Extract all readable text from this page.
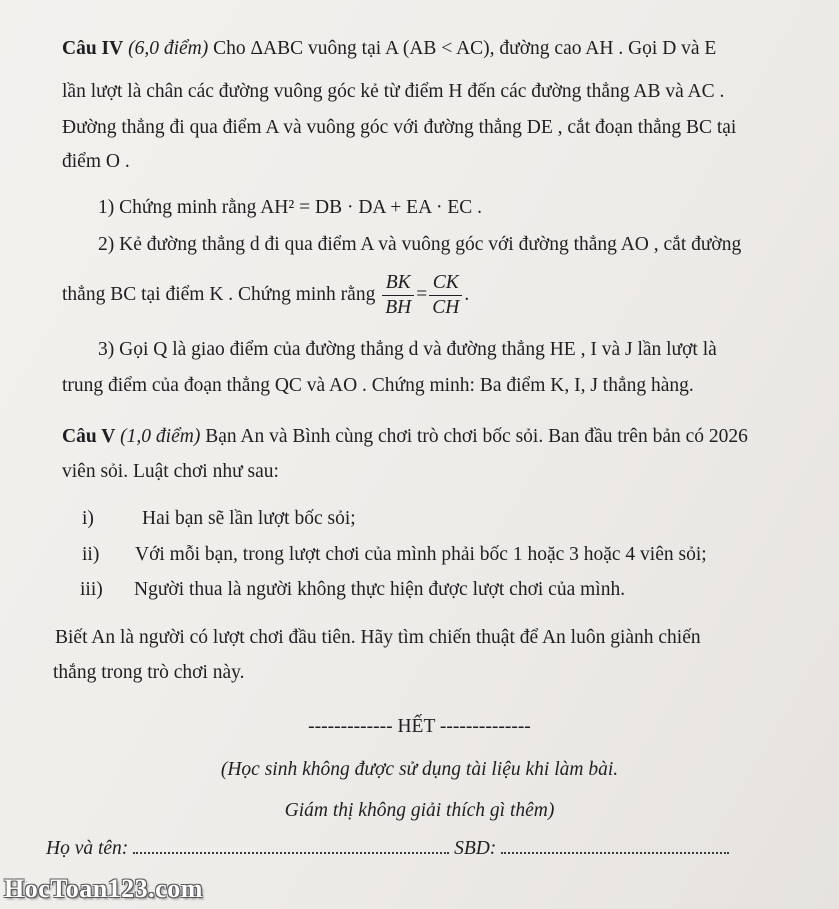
Câu IV (6,0 điểm) Cho ΔABC vuông tại A (AB < AC), đường cao AH . Gọi D và E
lần lượt là chân các đường vuông góc kẻ từ điểm H đến các đường thẳng AB và AC .
Đường thẳng đi qua điểm A và vuông góc với đường thẳng DE , cắt đoạn thẳng BC tại
điểm O .
1) Chứng minh rằng AH² = DB · DA + EA · EC .
2) Kẻ đường thẳng d đi qua điểm A và vuông góc với đường thẳng AO , cắt đường
thẳng BC tại điểm K . Chứng minh rằng $\frac{BK}{BH} = \frac{CK}{CH}$ .
3) Gọi Q là giao điểm của đường thẳng d và đường thẳng HE , I và J lần lượt là
trung điểm của đoạn thẳng QC và AO . Chứng minh: Ba điểm K, I, J thẳng hàng.
Câu V (1,0 điểm) Bạn An và Bình cùng chơi trò chơi bốc sỏi. Ban đầu trên bản có 2026
viên sỏi. Luật chơi như sau:
i) Hai bạn sẽ lần lượt bốc sỏi;
ii) Với mỗi bạn, trong lượt chơi của mình phải bốc 1 hoặc 3 hoặc 4 viên sỏi;
iii) Người thua là người không thực hiện được lượt chơi của mình.
Biết An là người có lượt chơi đầu tiên. Hãy tìm chiến thuật để An luôn giành chiến
thắng trong trò chơi này.
------------- HẾT --------------
(Học sinh không được sử dụng tài liệu khi làm bài.
Giám thị không giải thích gì thêm)
Họ và tên:	SBD:
HocToan123.com
